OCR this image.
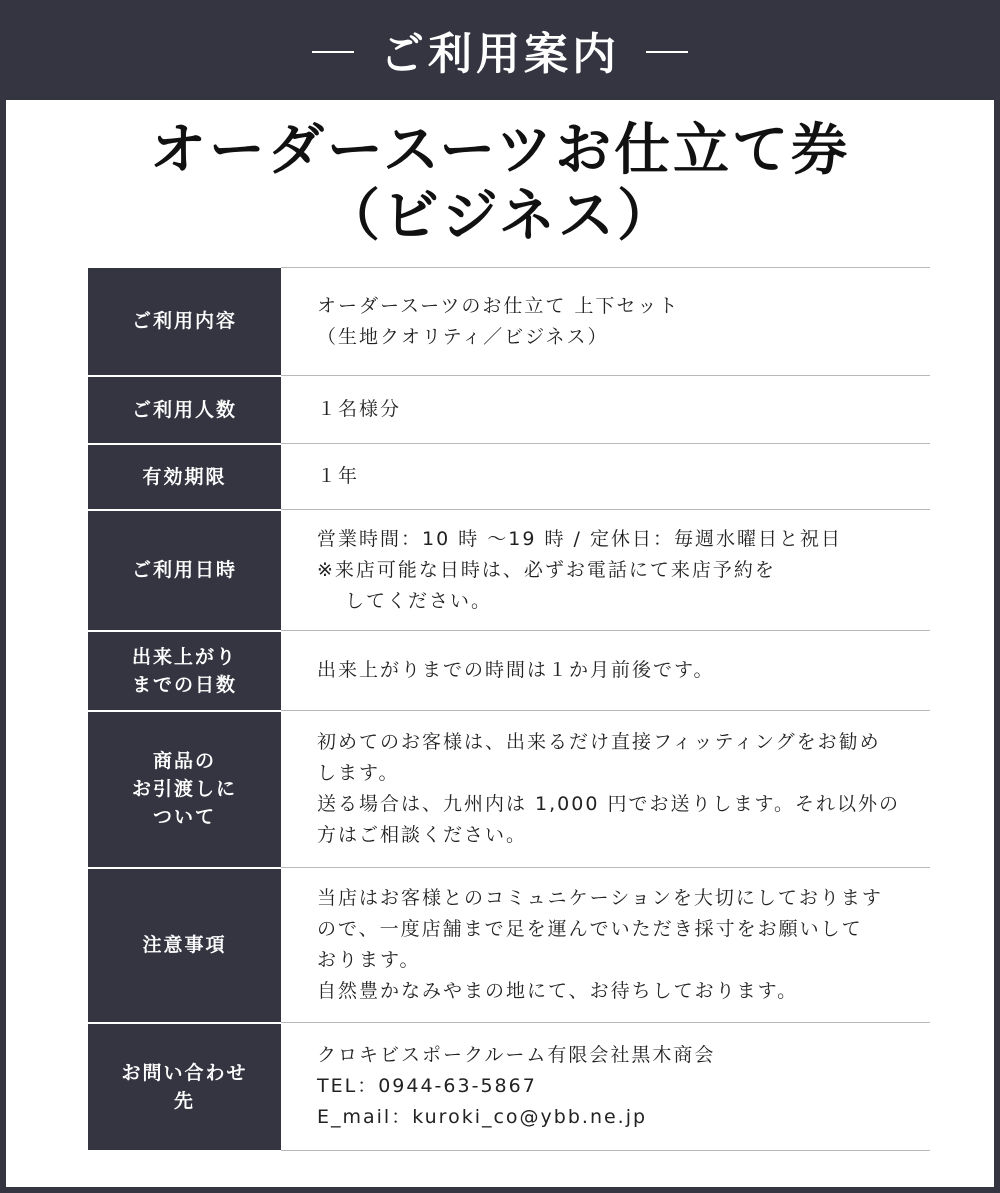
ご利用案内
オーダースーツお仕立て券
（ビジネス）
ご利用内容	オーダースーツのお仕立て 上下セット
（生地クオリティ／ビジネス）

ご利用人数	１名様分

有効期限	１年

ご利用日時	営業時間：10 時 〜19 時 / 定休日：毎週水曜日と祝日
※来店可能な日時は、必ずお電話にて来店予約を
してください。

出来上がり
までの日数	出来上がりまでの時間は１か月前後です。

商品の
お引渡しに
ついて	初めてのお客様は、出来るだけ直接フィッティングをお勧め
します。
送る場合は、九州内は 1,000 円でお送りします。それ以外の
方はご相談ください。

注意事項	当店はお客様とのコミュニケーションを大切にしております
ので、一度店舗まで足を運んでいただき採寸をお願いして
おります。
自然豊かなみやまの地にて、お待ちしております。

お問い合わせ
先	クロキビスポークルーム有限会社黒木商会
TEL：0944-63-5867
E_mail：kuroki_co@ybb.ne.jp
